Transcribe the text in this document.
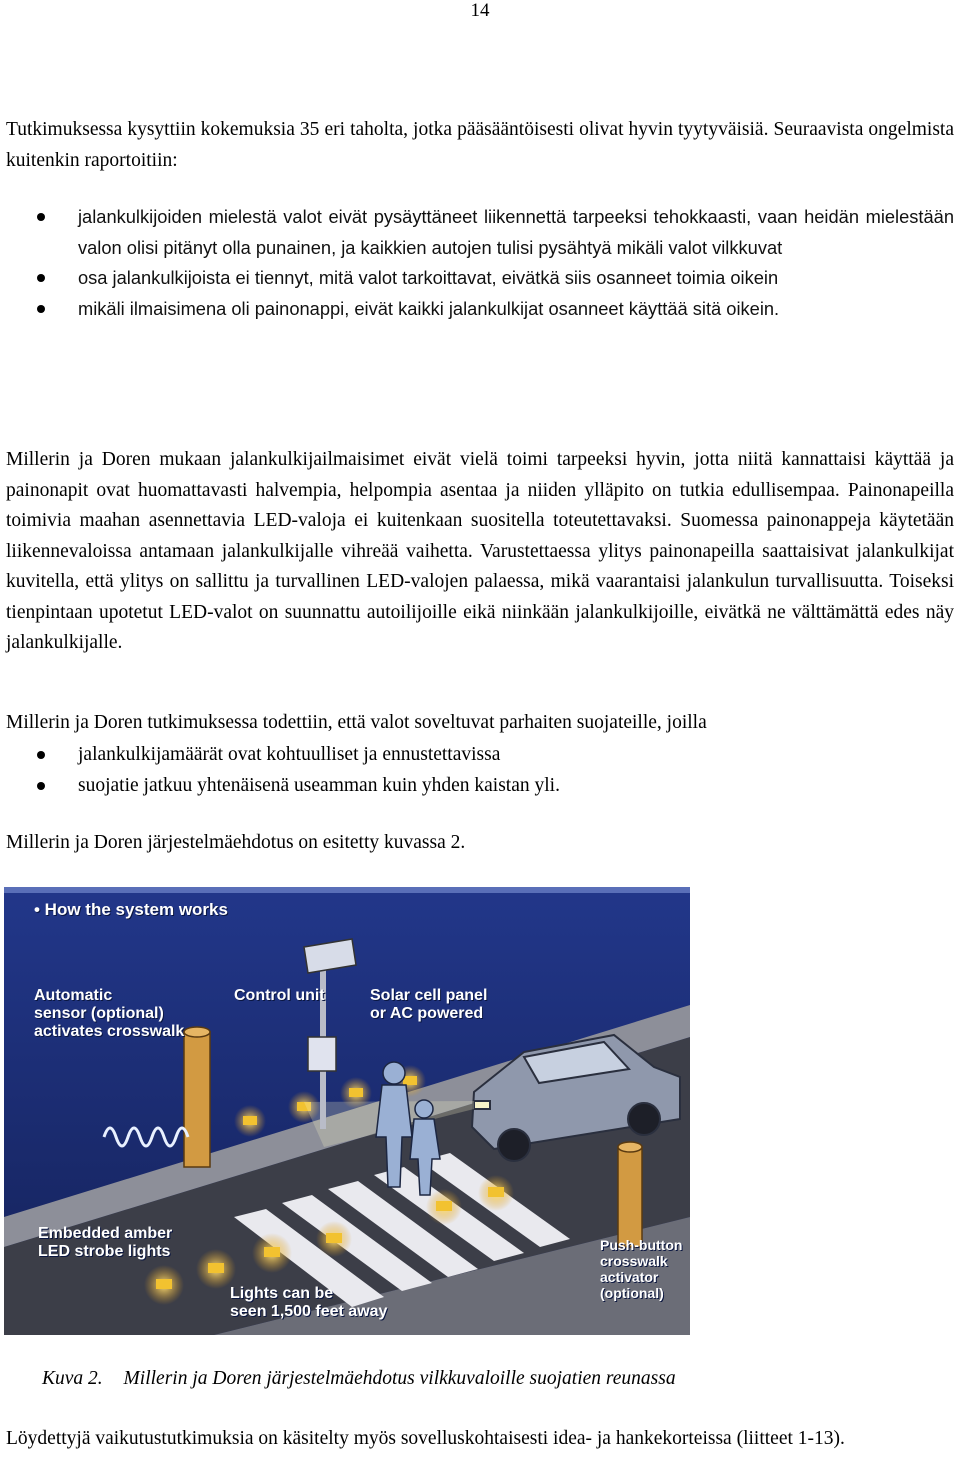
14

Tutkimuksessa kysyttiin kokemuksia 35 eri taholta, jotka pääsääntöisesti olivat hyvin tyytyväisiä. Seuraavista ongelmista kuitenkin raportoitiin:

jalankulkijoiden mielestä valot eivät pysäyttäneet liikennettä tarpeeksi tehokkaasti, vaan heidän mielestään valon olisi pitänyt olla punainen, ja kaikkien autojen tulisi pysähtyä mikäli valot vilkkuvat
osa jalankulkijoista ei tiennyt, mitä valot tarkoittavat, eivätkä siis osanneet toimia oikein
mikäli ilmaisimena oli painonappi, eivät kaikki jalankulkijat osanneet käyttää sitä oikein.

Millerin ja Doren mukaan jalankulkijailmaisimet eivät vielä toimi tarpeeksi hyvin, jotta niitä kannattaisi käyttää ja painonapit ovat huomattavasti halvempia, helpompia asentaa ja niiden ylläpito on tutkia edullisempaa. Painonapeilla toimivia maahan asennettavia LED-valoja ei kuitenkaan suositella toteutettavaksi. Suomessa painonappeja käytetään liikennevaloissa antamaan jalankulkijalle vihreää vaihetta. Varustettaessa ylitys painonapeilla saattaisivat jalankulkijat kuvitella, että ylitys on sallittu ja turvallinen LED-valojen palaessa, mikä vaarantaisi jalankulun turvallisuutta. Toiseksi tienpintaan upotetut LED-valot on suunnattu autoilijoille eikä niinkään jalankulkijoille, eivätkä ne välttämättä edes näy jalankulkijalle.

Millerin ja Doren tutkimuksessa todettiin, että valot soveltuvat parhaiten suojateille, joilla

jalankulkijamäärät ovat kohtuulliset ja ennustettavissa
suojatie jatkuu yhtenäisenä useamman kuin yhden kaistan yli.

Millerin ja Doren järjestelmäehdotus on esitetty kuvassa 2.

• How the system works
Automatic
sensor (optional)
activates crosswalk
Control unit	Solar cell panel
or AC powered
Embedded amber
LED strobe lights
Lights can be
seen 1,500 feet away
Push-button
crosswalk
activator
(optional)
Kuva 2. Millerin ja Doren järjestelmäehdotus vilkkuvaloille suojatien reunassa

Löydettyjä vaikutustutkimuksia on käsitelty myös sovelluskohtaisesti idea- ja hankekorteissa (liitteet 1-13).
